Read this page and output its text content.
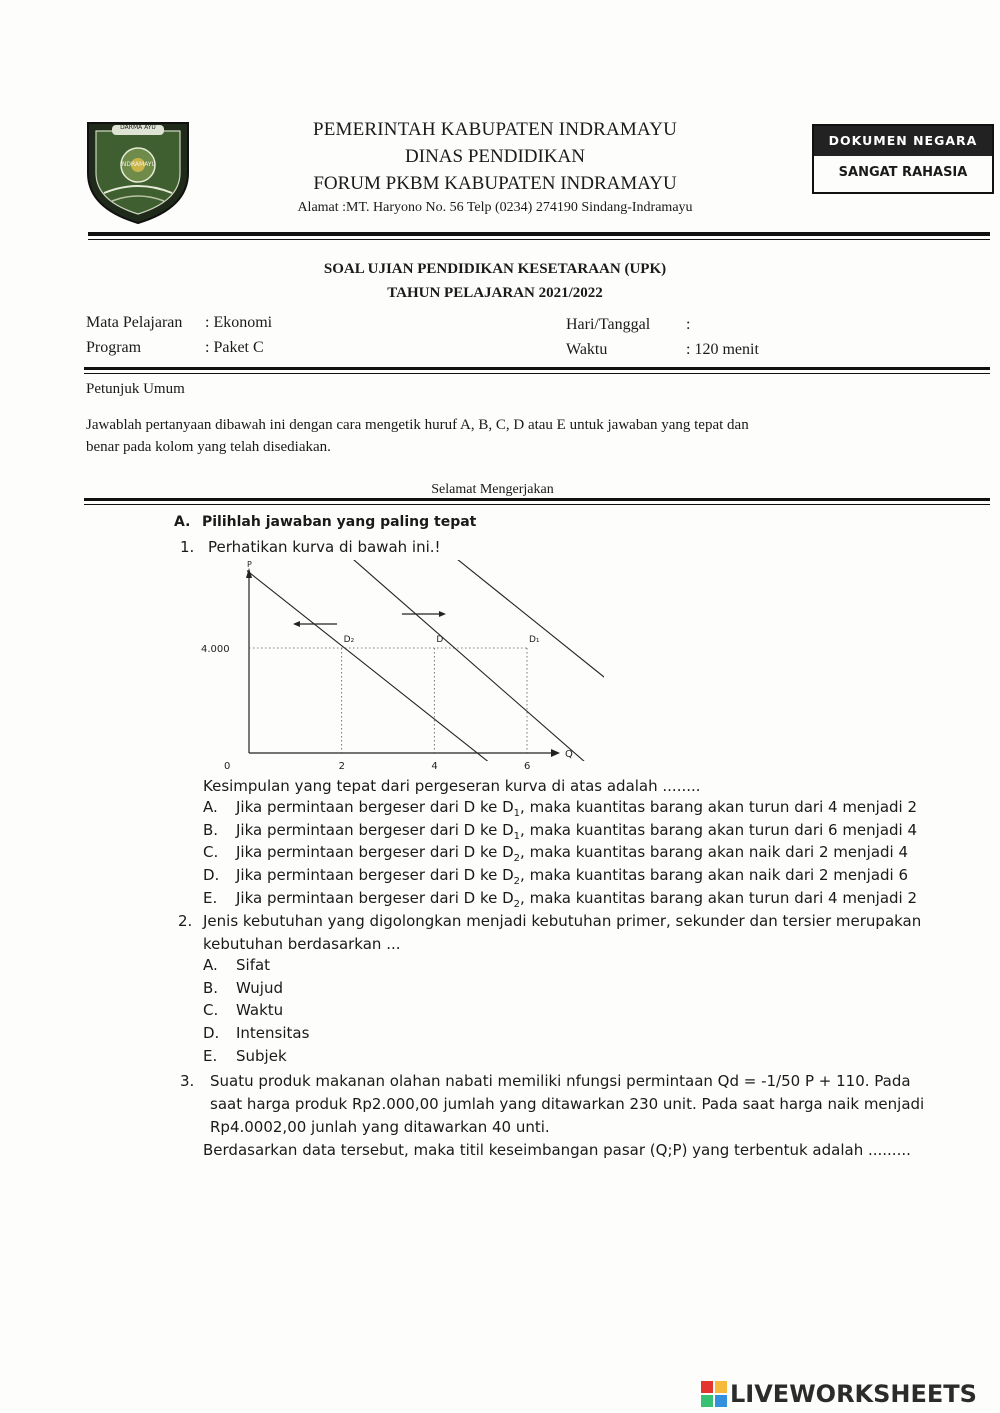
DARMA AYU
INDRAMAYU
PEMERINTAH KABUPATEN INDRAMAYU
DINAS PENDIDIKAN
FORUM PKBM KABUPATEN INDRAMAYU
Alamat :MT. Haryono No. 56 Telp (0234) 274190 Sindang-Indramayu
DOKUMEN NEGARA
SANGAT RAHASIA
SOAL UJIAN PENDIDIKAN KESETARAAN (UPK)
TAHUN PELAJARAN 2021/2022
Mata Pelajaran : Ekonomi
Program	: Paket C
Hari/Tanggal :
Waktu	: 120 menit
Petunjuk Umum
Jawablah pertanyaan dibawah ini dengan cara mengetik huruf A, B, C, D atau E untuk jawaban yang tepat dan
benar pada kolom yang telah disediakan.
Selamat Mengerjakan
A. Pilihlah jawaban yang paling tepat
1. Perhatikan kurva di bawah ini.!
Q
P
0	2	4	6
4.000
D₂	D	D₁
Kesimpulan yang tepat dari pergeseran kurva di atas adalah ........
A. Jika permintaan bergeser dari D ke $D_1$, maka kuantitas barang akan turun dari 4 menjadi 2
B. Jika permintaan bergeser dari D ke $D_1$, maka kuantitas barang akan turun dari 6 menjadi 4
C. Jika permintaan bergeser dari D ke $D_2$, maka kuantitas barang akan naik dari 2 menjadi 4
D. Jika permintaan bergeser dari D ke $D_2$, maka kuantitas barang akan naik dari 2 menjadi 6
E. Jika permintaan bergeser dari D ke $D_2$, maka kuantitas barang akan turun dari 4 menjadi 2
2. Jenis kebutuhan yang digolongkan menjadi kebutuhan primer, sekunder dan tersier merupakan
kebutuhan berdasarkan ...
A. Sifat
B. Wujud
C. Waktu
D. Intensitas
E. Subjek
3. Suatu produk makanan olahan nabati memiliki nfungsi permintaan Qd = -1/50 P + 110. Pada
saat harga produk Rp2.000,00 jumlah yang ditawarkan 230 unit. Pada saat harga naik menjadi
Rp4.0002,00 junlah yang ditawarkan 40 unti.
Berdasarkan data tersebut, maka titil keseimbangan pasar (Q;P) yang terbentuk adalah .........
LIVEWORKSHEETS
